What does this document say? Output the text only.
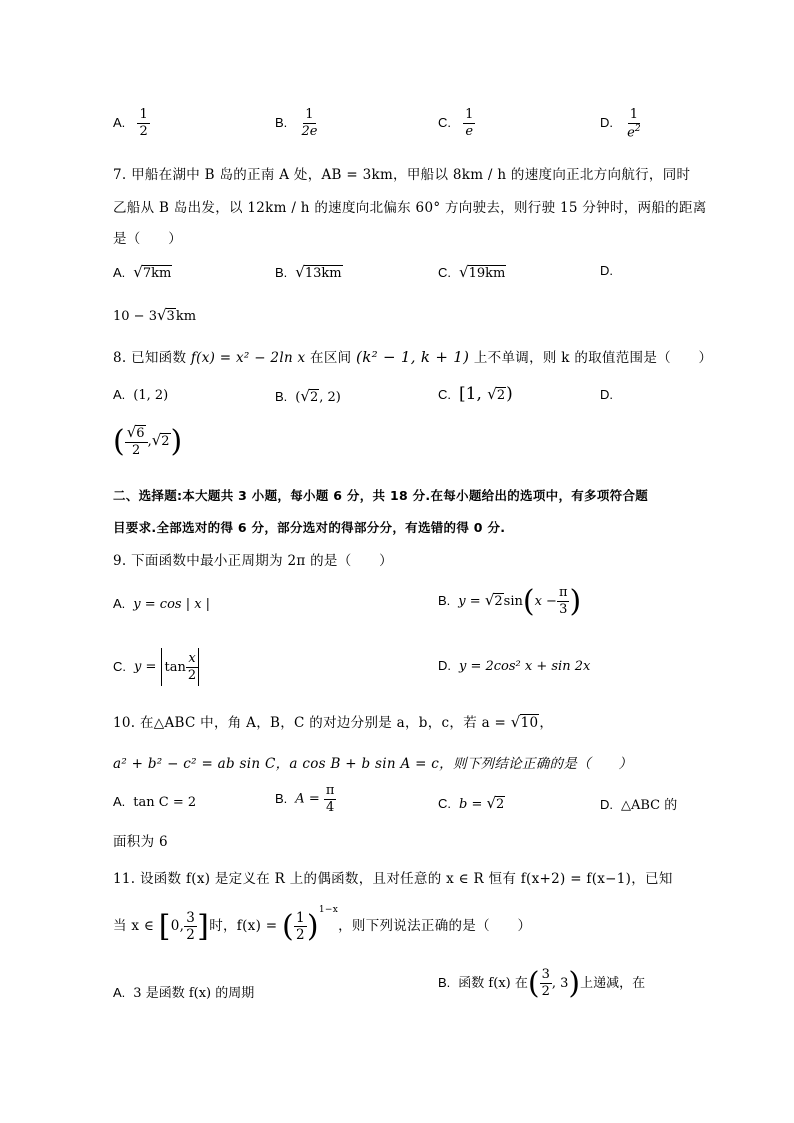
A. $\frac{1}{2}$	B. $\frac{1}{2e}$	C. $\frac{1}{e}$	D. $\frac{1}{e^2}$
7. 甲船在湖中 B 岛的正南 A 处，AB = 3km，甲船以 8km / h 的速度向正北方向航行，同时
乙船从 B 岛出发，以 12km / h 的速度向北偏东 60° 方向驶去，则行驶 15 分钟时，两船的距离
是（　　）
A. √7km	B. √13km	C. √19km	D.
10 − 3√3km
8. 已知函数 f(x) = x² − 2ln x 在区间 (k² − 1, k + 1) 上不单调，则 k 的取值范围是（　　）
A. (1, 2)	B. (√2, 2)	C. [1, √2)	D.
( $\frac{√6}{2} ,√2$)
二、选择题:本大题共 3 小题，每小题 6 分，共 18 分.在每小题给出的选项中，有多项符合题
目要求.全部选对的得 6 分，部分选对的得部分分，有选错的得 0 分.
9. 下面函数中最小正周期为 2π 的是（　　）
A. y = cos | x |	B. $y = √2\sin(x - \frac{\pi}{3}$ )
C. $y = \tan \frac{x}{2}$	D. y = 2cos² x + sin 2x
10. 在△ABC 中，角 A，B，C 的对边分别是 a，b，c，若 a = √10，
a² + b² − c² = ab sin C，a cos B + b sin A = c，则下列结论正确的是（　　）
A. tan C = 2	B. $A = \frac{\pi}{4}$	C. b = √2	D. △ABC 的
面积为 6
11. 设函数 f(x) 是定义在 R 上的偶函数，且对任意的 x ∈ R 恒有 f(x+2) = f(x−1)，已知
当 x ∈ [0, $\frac{3}{2}$ ]时，f(x) = ( $\frac{1}{2} )^{1-x}$，则下列说法正确的是（　　）
A. 3 是函数 f(x) 的周期
B. 函数 f(x) 在( $\frac{3}{2}$ , 3)上递减，在
